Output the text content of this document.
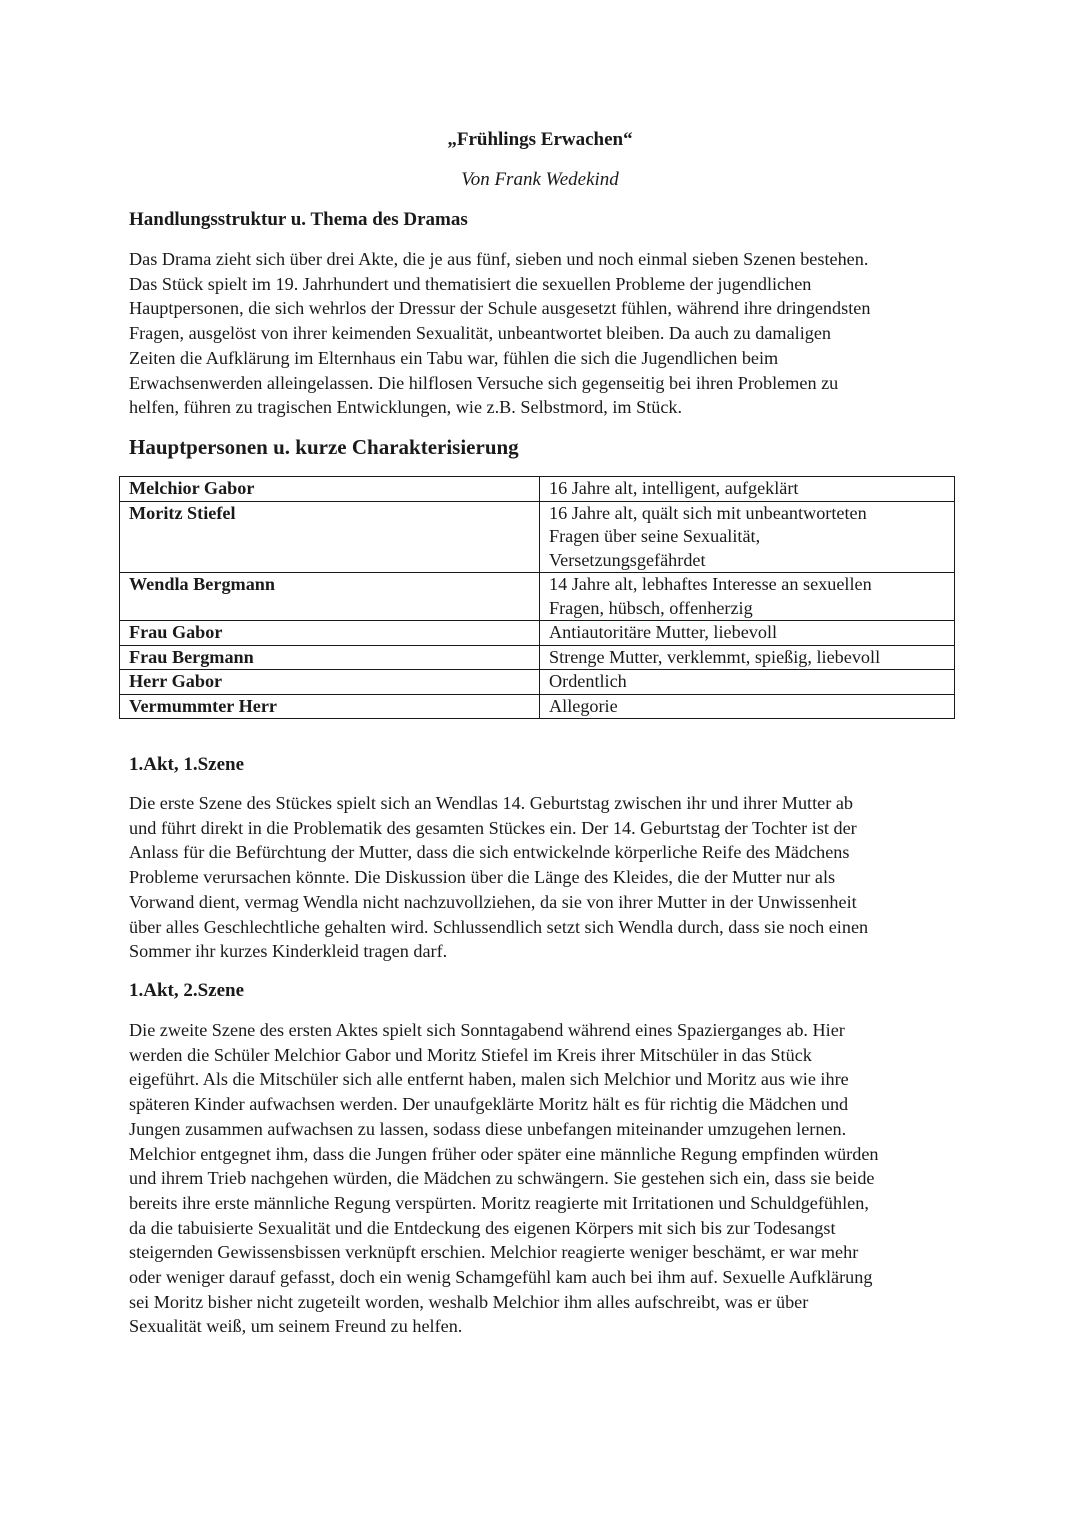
„Frühlings Erwachen“
Von Frank Wedekind
Handlungsstruktur u. Thema des Dramas

Das Drama zieht sich über drei Akte, die je aus fünf, sieben und noch einmal sieben Szenen bestehen.
Das Stück spielt im 19. Jahrhundert und thematisiert die sexuellen Probleme der jugendlichen
Hauptpersonen, die sich wehrlos der Dressur der Schule ausgesetzt fühlen, während ihre dringendsten
Fragen, ausgelöst von ihrer keimenden Sexualität, unbeantwortet bleiben. Da auch zu damaligen
Zeiten die Aufklärung im Elternhaus ein Tabu war, fühlen die sich die Jugendlichen beim
Erwachsenwerden alleingelassen. Die hilflosen Versuche sich gegenseitig bei ihren Problemen zu
helfen, führen zu tragischen Entwicklungen, wie z.B. Selbstmord, im Stück.

Hauptpersonen u. kurze Charakterisierung
Melchior Gabor	16 Jahre alt, intelligent, aufgeklärt

Moritz Stiefel	16 Jahre alt, quält sich mit unbeantworteten
Fragen über seine Sexualität,
Versetzungsgefährdet

Wendla Bergmann	14 Jahre alt, lebhaftes Interesse an sexuellen
Fragen, hübsch, offenherzig

Frau Gabor	Antiautoritäre Mutter, liebevoll

Frau Bergmann	Strenge Mutter, verklemmt, spießig, liebevoll

Herr Gabor	Ordentlich

Vermummter Herr	Allegorie
1.Akt, 1.Szene

Die erste Szene des Stückes spielt sich an Wendlas 14. Geburtstag zwischen ihr und ihrer Mutter ab
und führt direkt in die Problematik des gesamten Stückes ein. Der 14. Geburtstag der Tochter ist der
Anlass für die Befürchtung der Mutter, dass die sich entwickelnde körperliche Reife des Mädchens
Probleme verursachen könnte. Die Diskussion über die Länge des Kleides, die der Mutter nur als
Vorwand dient, vermag Wendla nicht nachzuvollziehen, da sie von ihrer Mutter in der Unwissenheit
über alles Geschlechtliche gehalten wird. Schlussendlich setzt sich Wendla durch, dass sie noch einen
Sommer ihr kurzes Kinderkleid tragen darf.

1.Akt, 2.Szene

Die zweite Szene des ersten Aktes spielt sich Sonntagabend während eines Spazierganges ab. Hier
werden die Schüler Melchior Gabor und Moritz Stiefel im Kreis ihrer Mitschüler in das Stück
eigeführt. Als die Mitschüler sich alle entfernt haben, malen sich Melchior und Moritz aus wie ihre
späteren Kinder aufwachsen werden. Der unaufgeklärte Moritz hält es für richtig die Mädchen und
Jungen zusammen aufwachsen zu lassen, sodass diese unbefangen miteinander umzugehen lernen.
Melchior entgegnet ihm, dass die Jungen früher oder später eine männliche Regung empfinden würden
und ihrem Trieb nachgehen würden, die Mädchen zu schwängern. Sie gestehen sich ein, dass sie beide
bereits ihre erste männliche Regung verspürten. Moritz reagierte mit Irritationen und Schuldgefühlen,
da die tabuisierte Sexualität und die Entdeckung des eigenen Körpers mit sich bis zur Todesangst
steigernden Gewissensbissen verknüpft erschien. Melchior reagierte weniger beschämt, er war mehr
oder weniger darauf gefasst, doch ein wenig Schamgefühl kam auch bei ihm auf. Sexuelle Aufklärung
sei Moritz bisher nicht zugeteilt worden, weshalb Melchior ihm alles aufschreibt, was er über
Sexualität weiß, um seinem Freund zu helfen.
